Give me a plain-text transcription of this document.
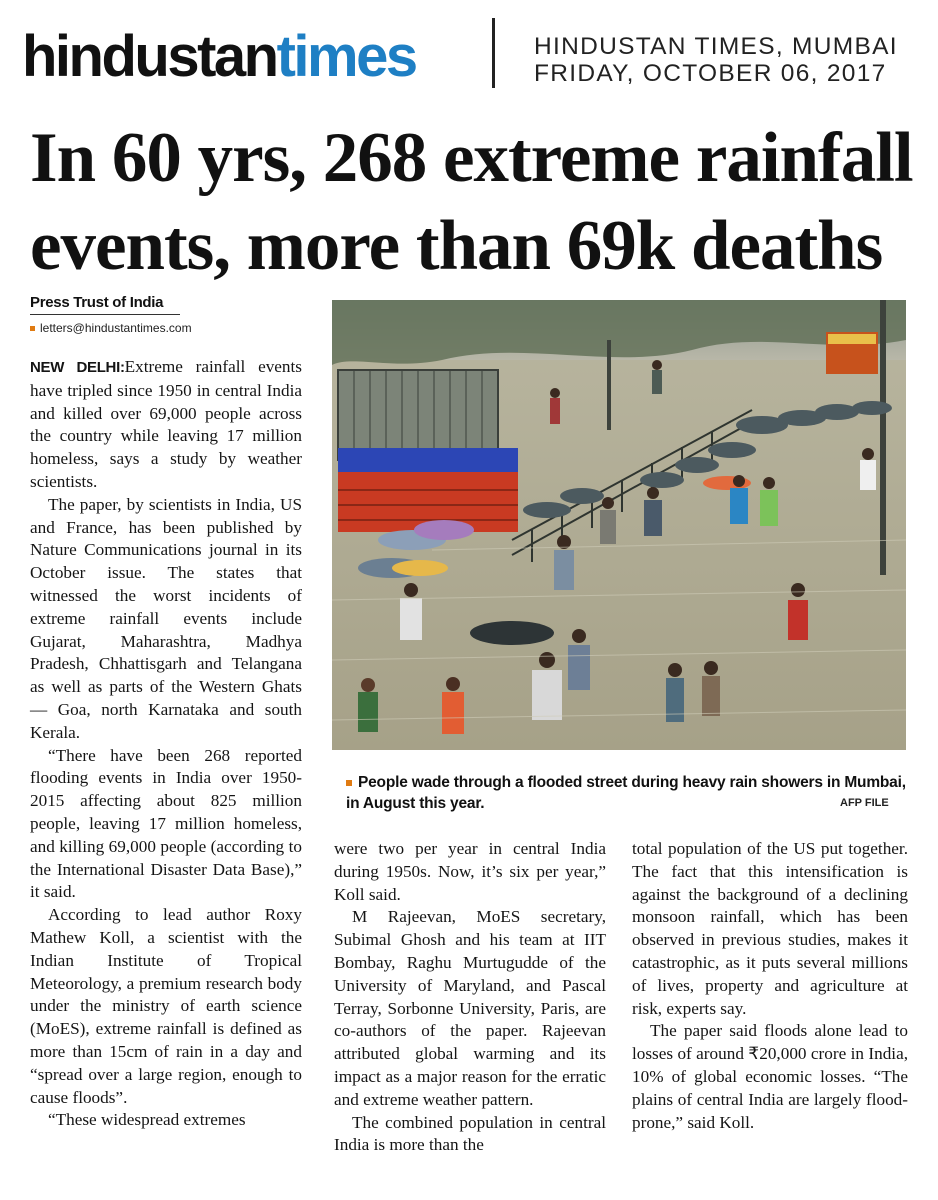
hindustantimes	HINDUSTAN TIMES, MUMBAI
FRIDAY, OCTOBER 06, 2017
In 60 yrs, 268 extreme rainfall events, more than 69k deaths
Press Trust of India
letters@hindustantimes.com

NEW DELHI:Extreme rainfall events have tripled since 1950 in central India and killed over 69,000 people across the country while leaving 17 million homeless, says a study by weather scientists.

The paper, by scientists in India, US and France, has been published by Nature Communications journal in its October issue. The states that witnessed the worst incidents of extreme rainfall events include Gujarat, Maharashtra, Madhya Pradesh, Chhattisgarh and Telangana as well as parts of the Western Ghats — Goa, north Karnataka and south Kerala.

“There have been 268 reported flooding events in India over 1950-2015 affecting about 825 million people, leaving 17 million homeless, and killing 69,000 people (according to the International Disaster Data Base),” it said.

According to lead author Roxy Mathew Koll, a scientist with the Indian Institute of Tropical Meteorology, a premium research body under the ministry of earth science (MoES), extreme rainfall is defined as more than 15cm of rain in a day and “spread over a large region, enough to cause floods”.

“These widespread extremes

People wade through a flooded street during heavy rain showers in Mumbai, in August this year.	AFP FILE

were two per year in central India during 1950s. Now, it’s six per year,” Koll said.

M Rajeevan, MoES secretary, Subimal Ghosh and his team at IIT Bombay, Raghu Murtugudde of the University of Maryland, and Pascal Terray, Sorbonne University, Paris, are co-authors of the paper. Rajeevan attributed global warming and its impact as a major reason for the erratic and extreme weather pattern.

The combined population in central India is more than the

total population of the US put together. The fact that this intensification is against the background of a declining monsoon rainfall, which has been observed in previous studies, makes it catastrophic, as it puts several millions of lives, property and agriculture at risk, experts say.

The paper said floods alone lead to losses of around ₹20,000 crore in India, 10% of global economic losses. “The plains of central India are largely flood-prone,” said Koll.
